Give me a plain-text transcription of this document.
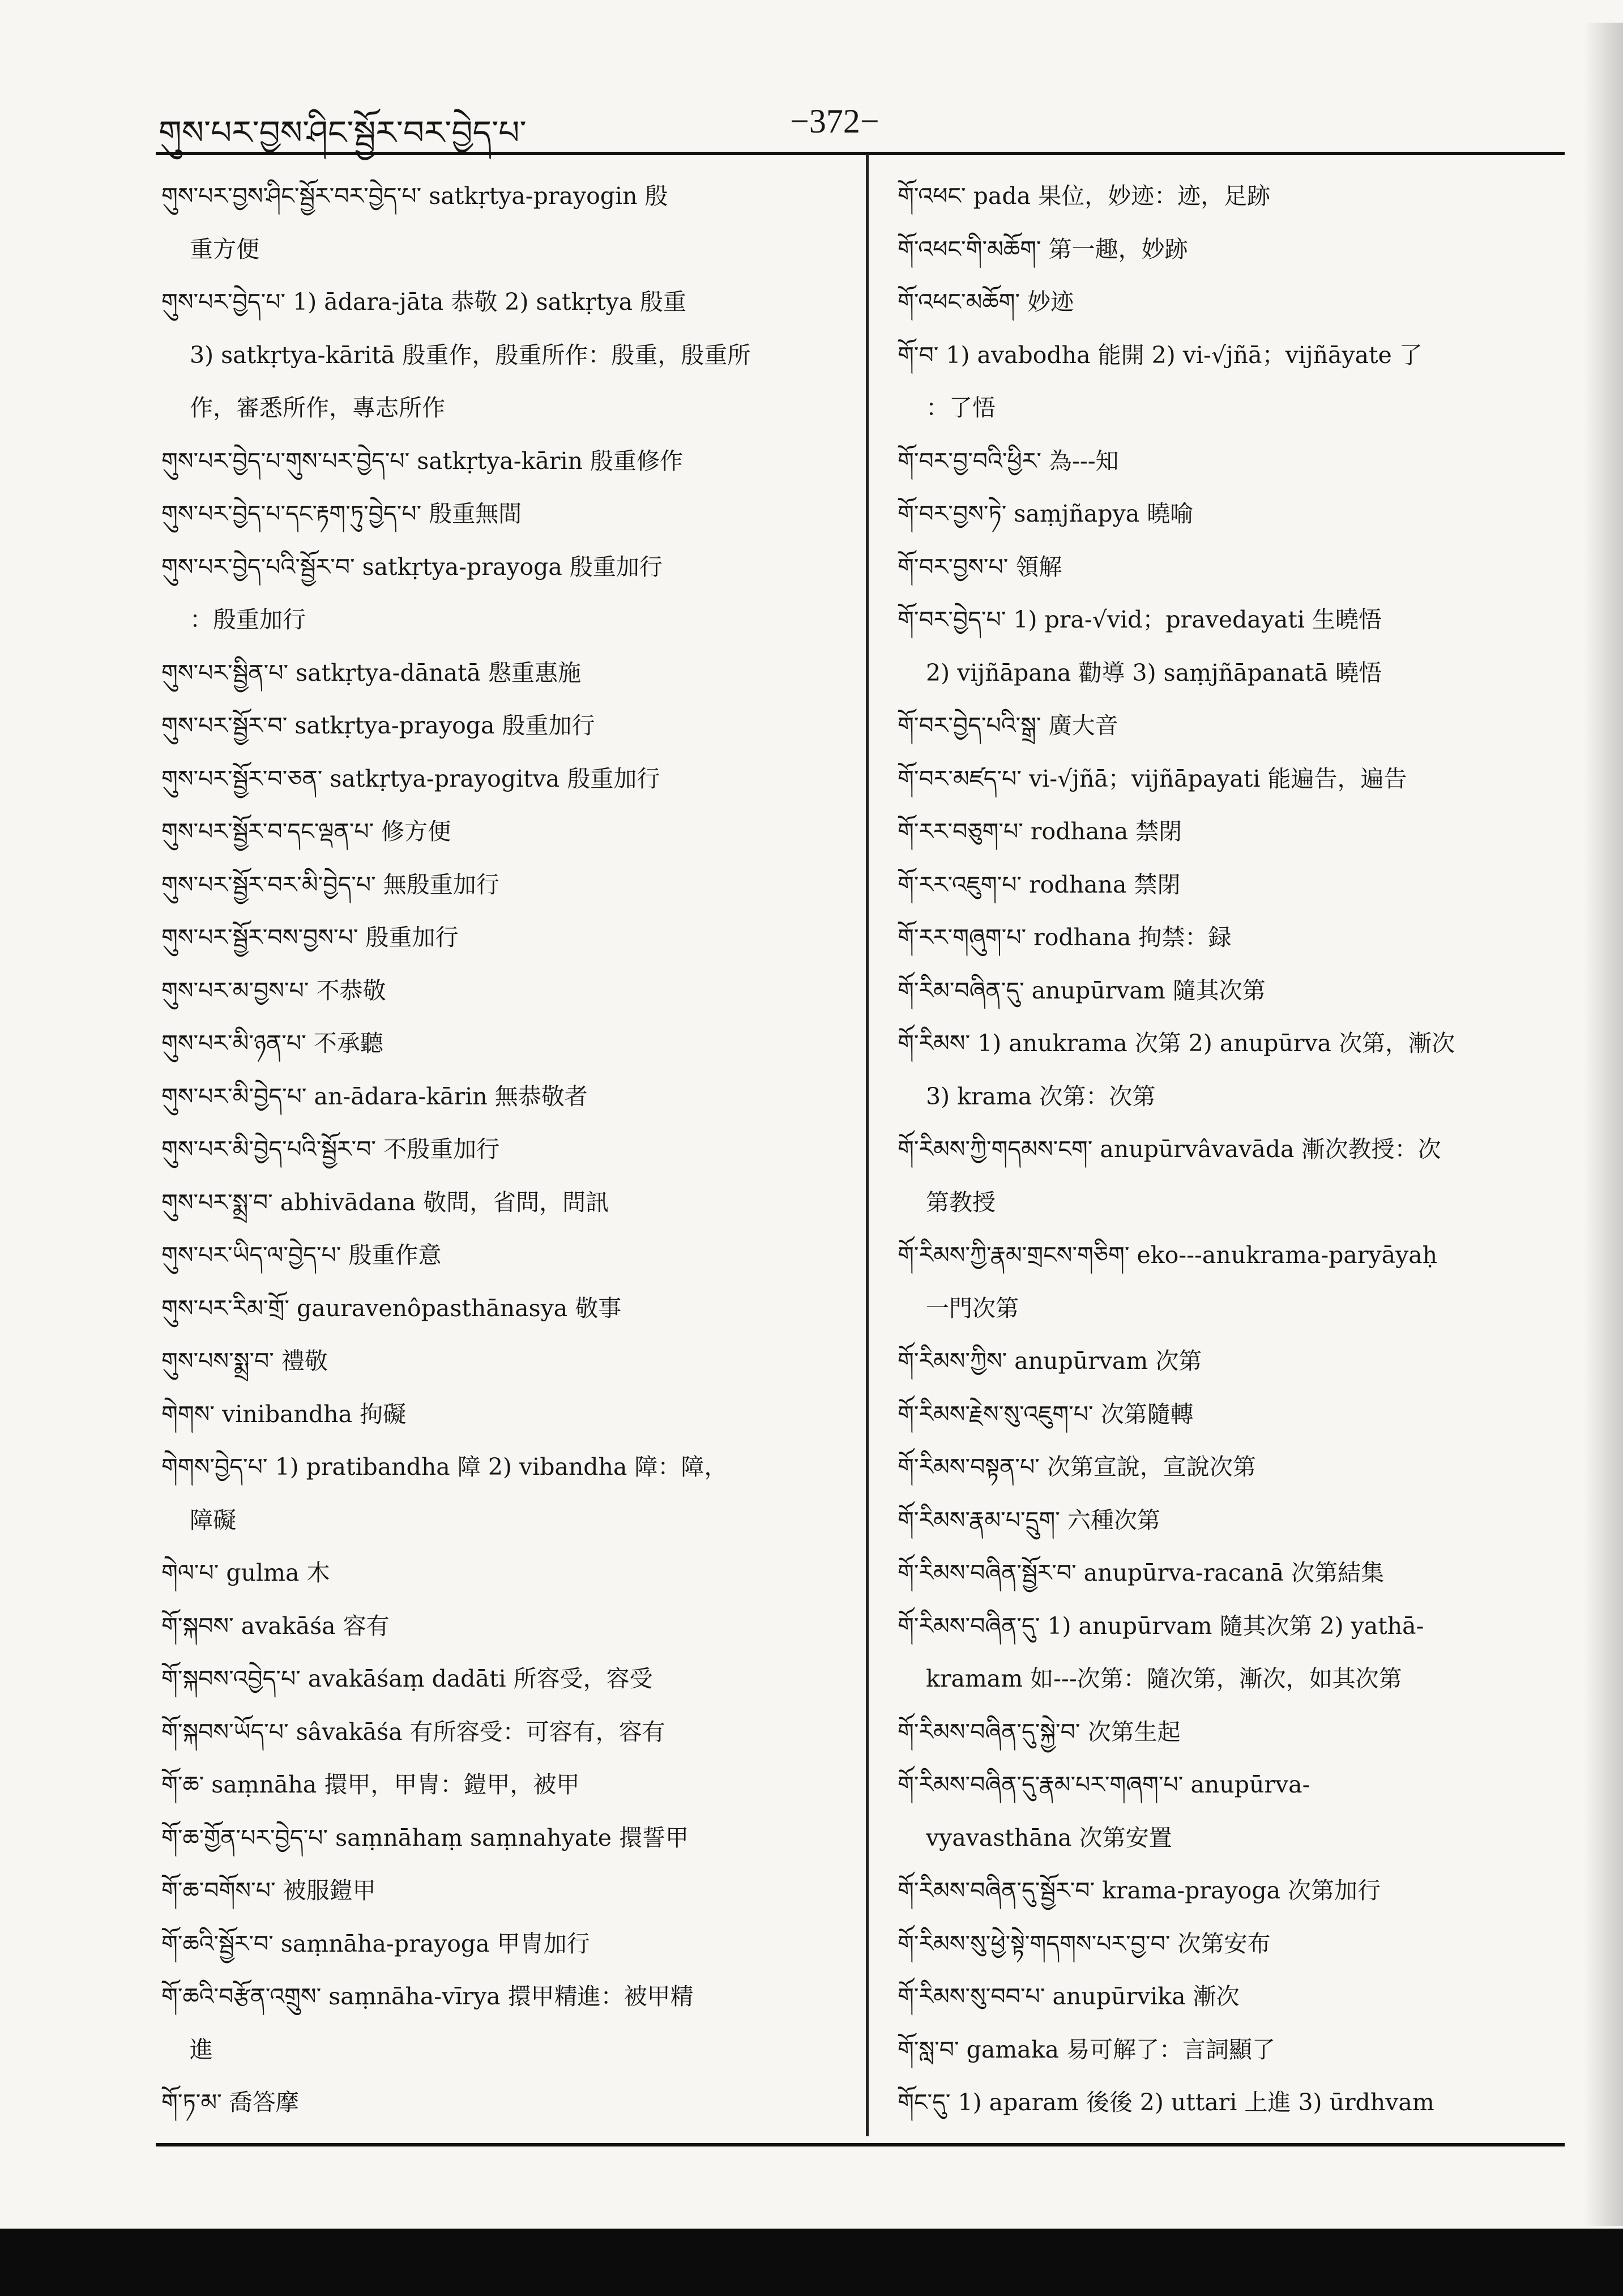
གུས་པར་བྱས་ཤིང་སྦྱོར་བར་བྱེད་པ་	−372−
གུས་པར་བྱས་ཤིང་སྦྱོར་བར་བྱེད་པ་ satkṛtya-prayogin 殷
重方便
གུས་པར་བྱེད་པ་ 1) ādara-jāta 恭敬 2) satkṛtya 殷重
3) satkṛtya-kāritā 殷重作，殷重所作：殷重，殷重所
作，審悉所作，專志所作
གུས་པར་བྱེད་པ་གུས་པར་བྱེད་པ་ satkṛtya-kārin 殷重修作
གུས་པར་བྱེད་པ་དང་རྟག་ཏུ་བྱེད་པ་ 殷重無間
གུས་པར་བྱེད་པའི་སྦྱོར་བ་ satkṛtya-prayoga 殷重加行
：殷重加行
གུས་པར་སྦྱིན་པ་ satkṛtya-dānatā 慇重惠施
གུས་པར་སྦྱོར་བ་ satkṛtya-prayoga 殷重加行
གུས་པར་སྦྱོར་བ་ཅན་ satkṛtya-prayogitva 殷重加行
གུས་པར་སྦྱོར་བ་དང་ལྡན་པ་ 修方便
གུས་པར་སྦྱོར་བར་མི་བྱེད་པ་ 無殷重加行
གུས་པར་སྦྱོར་བས་བྱས་པ་ 殷重加行
གུས་པར་མ་བྱས་པ་ 不恭敬
གུས་པར་མི་ཉན་པ་ 不承聽
གུས་པར་མི་བྱེད་པ་ an-ādara-kārin 無恭敬者
གུས་པར་མི་བྱེད་པའི་སྦྱོར་བ་ 不殷重加行
གུས་པར་སྨྲ་བ་ abhivādana 敬問，省問，問訊
གུས་པར་ཡིད་ལ་བྱེད་པ་ 殷重作意
གུས་པར་རིམ་གྲོ་ gauravenôpasthānasya 敬事
གུས་པས་སྨྲ་བ་ 禮敬
གེགས་ vinibandha 拘礙
གེགས་བྱེད་པ་ 1) pratibandha 障 2) vibandha 障：障，
障礙
གེལ་པ་ gulma 木
གོ་སྐབས་ avakāśa 容有
གོ་སྐབས་འབྱེད་པ་ avakāśaṃ dadāti 所容受，容受
གོ་སྐབས་ཡོད་པ་ sâvakāśa 有所容受：可容有，容有
གོ་ཆ་ saṃnāha 擐甲，甲冑：鎧甲，被甲
གོ་ཆ་གྱོན་པར་བྱེད་པ་ saṃnāhaṃ saṃnahyate 擐誓甲
གོ་ཆ་བགོས་པ་ 被服鎧甲
གོ་ཆའི་སྦྱོར་བ་ saṃnāha-prayoga 甲冑加行
གོ་ཆའི་བརྩོན་འགྲུས་ saṃnāha-vīrya 擐甲精進：被甲精
進
གོ་ཏ་མ་ 喬答摩
གོ་འཕང་ pada 果位，妙迹：迹，足跡
གོ་འཕང་གི་མཆོག་ 第一趣，妙跡
གོ་འཕང་མཆོག་ 妙迹
གོ་བ་ 1) avabodha 能開 2) vi-√jñā；vijñāyate 了
：了悟
གོ་བར་བྱ་བའི་ཕྱིར་ 為---知
གོ་བར་བྱས་ཏེ་ saṃjñapya 曉喻
གོ་བར་བྱས་པ་ 領解
གོ་བར་བྱེད་པ་ 1) pra-√vid；pravedayati 生曉悟
2) vijñāpana 勸導 3) saṃjñāpanatā 曉悟
གོ་བར་བྱེད་པའི་སྒྲ་ 廣大音
གོ་བར་མཛད་པ་ vi-√jñā；vijñāpayati 能遍告，遍告
གོ་རར་བཅུག་པ་ rodhana 禁閉
གོ་རར་འཇུག་པ་ rodhana 禁閉
གོ་རར་གཞུག་པ་ rodhana 拘禁：録
གོ་རིམ་བཞིན་དུ་ anupūrvam 隨其次第
གོ་རིམས་ 1) anukrama 次第 2) anupūrva 次第，漸次
3) krama 次第：次第
གོ་རིམས་ཀྱི་གདམས་ངག་ anupūrvâvavāda 漸次教授：次
第教授
གོ་རིམས་ཀྱི་རྣམ་གྲངས་གཅིག་ eko---anukrama-paryāyaḥ
一門次第
གོ་རིམས་ཀྱིས་ anupūrvam 次第
གོ་རིམས་རྗེས་སུ་འཇུག་པ་ 次第隨轉
གོ་རིམས་བསྟན་པ་ 次第宣說，宣說次第
གོ་རིམས་རྣམ་པ་དྲུག་ 六種次第
གོ་རིམས་བཞིན་སྦྱོར་བ་ anupūrva-racanā 次第結集
གོ་རིམས་བཞིན་དུ་ 1) anupūrvam 隨其次第 2) yathā-
kramam 如---次第：隨次第，漸次，如其次第
གོ་རིམས་བཞིན་དུ་སྐྱེ་བ་ 次第生起
གོ་རིམས་བཞིན་དུ་རྣམ་པར་གཞག་པ་ anupūrva-
vyavasthāna 次第安置
གོ་རིམས་བཞིན་དུ་སྦྱོར་བ་ krama-prayoga 次第加行
གོ་རིམས་སུ་ཕྱེ་སྟེ་གདགས་པར་བྱ་བ་ 次第安布
གོ་རིམས་སུ་བབ་པ་ anupūrvika 漸次
གོ་སླ་བ་ gamaka 易可解了：言詞顯了
གོང་དུ་ 1) aparam 後後 2) uttari 上進 3) ūrdhvam
